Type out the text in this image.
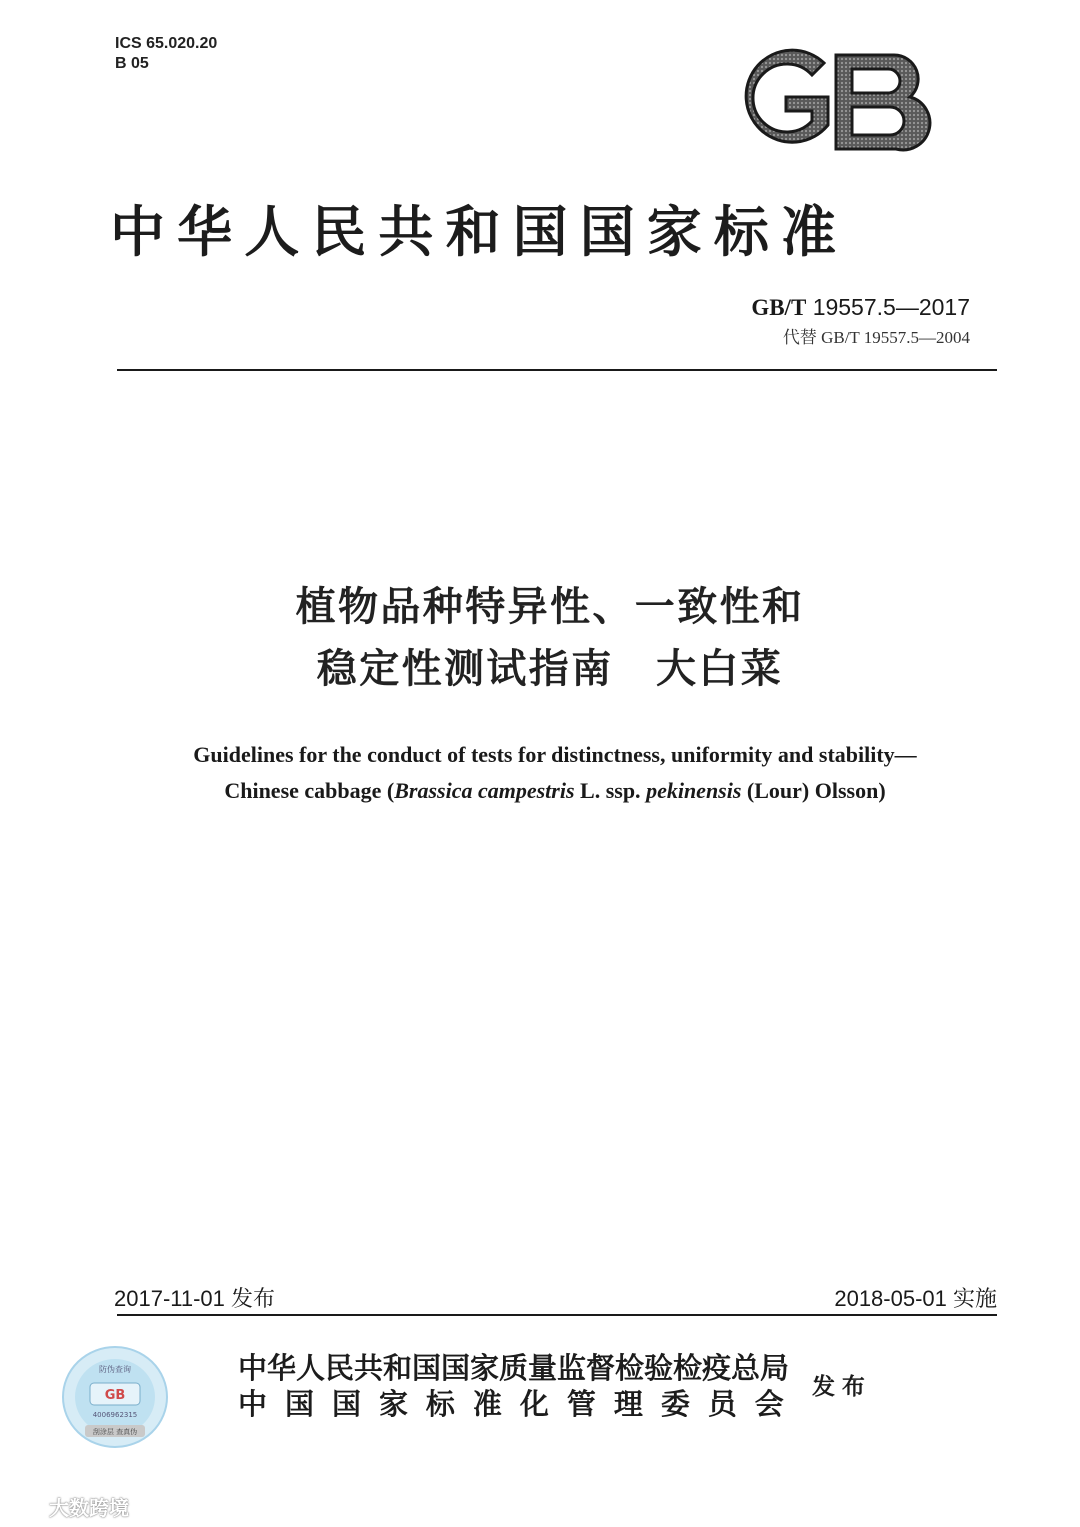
ICS 65.020.20
B 05
中华人民共和国国家标准
GB/T 19557.5—2017
代替 GB/T 19557.5—2004
植物品种特异性、一致性和
稳定性测试指南　大白菜
Guidelines for the conduct of tests for distinctness, uniformity and stability—
Chinese cabbage (Brassica campestris L. ssp. pekinensis (Lour) Olsson)
2017-11-01 发布	2018-05-01 实施
GB
防伪查询
4006962315
刮涂层 查真伪
中华人民共和国国家质量监督检验检疫总局
中国国家标准化管理委员会
发布
大数跨境
